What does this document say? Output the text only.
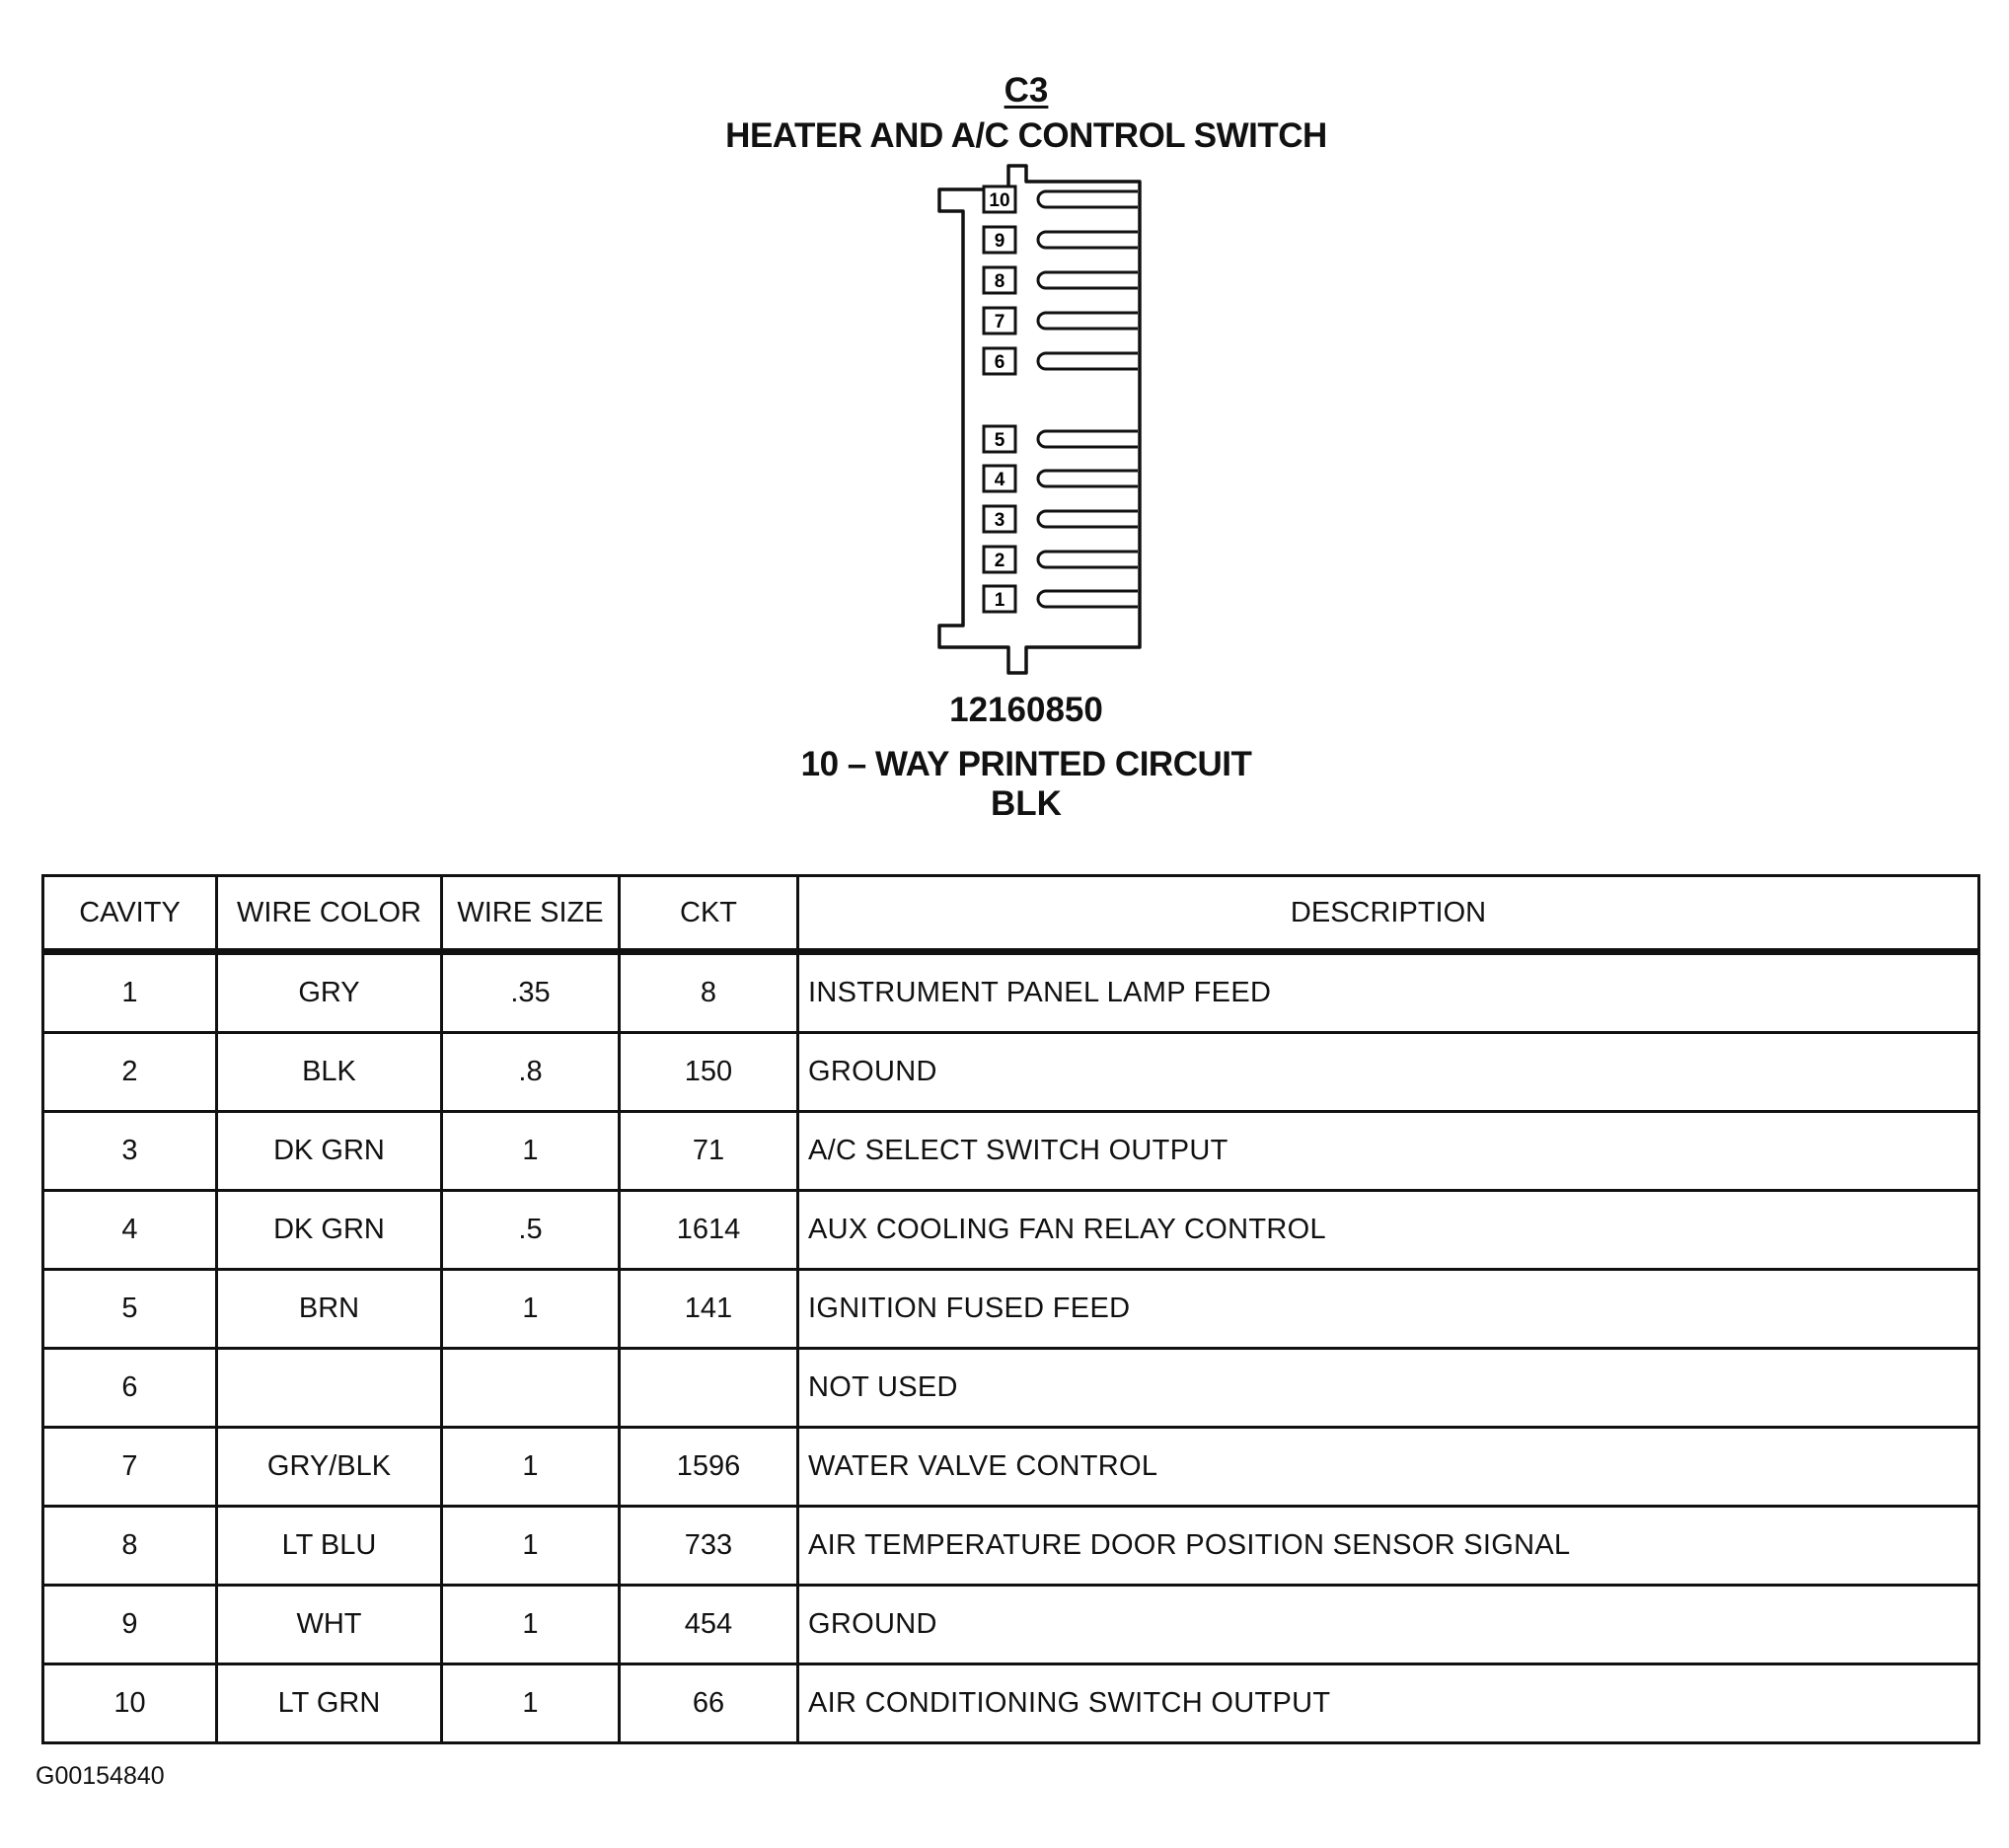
C3
HEATER AND A/C CONTROL SWITCH
10
9
8
7
6
5
4
3
2
1
12160850
10 – WAY PRINTED CIRCUIT
BLK
CAVITY	WIRE COLOR	WIRE SIZE	CKT	DESCRIPTION
1	GRY	.35	8	INSTRUMENT PANEL LAMP FEED
2	BLK	.8	150	GROUND
3	DK GRN	1	71	A/C SELECT SWITCH OUTPUT
4	DK GRN	.5	1614	AUX COOLING FAN RELAY CONTROL
5	BRN	1	141	IGNITION FUSED FEED
6				NOT USED
7	GRY/BLK	1	1596	WATER VALVE CONTROL
8	LT BLU	1	733	AIR TEMPERATURE DOOR POSITION SENSOR SIGNAL
9	WHT	1	454	GROUND
10	LT GRN	1	66	AIR CONDITIONING SWITCH OUTPUT
G00154840
